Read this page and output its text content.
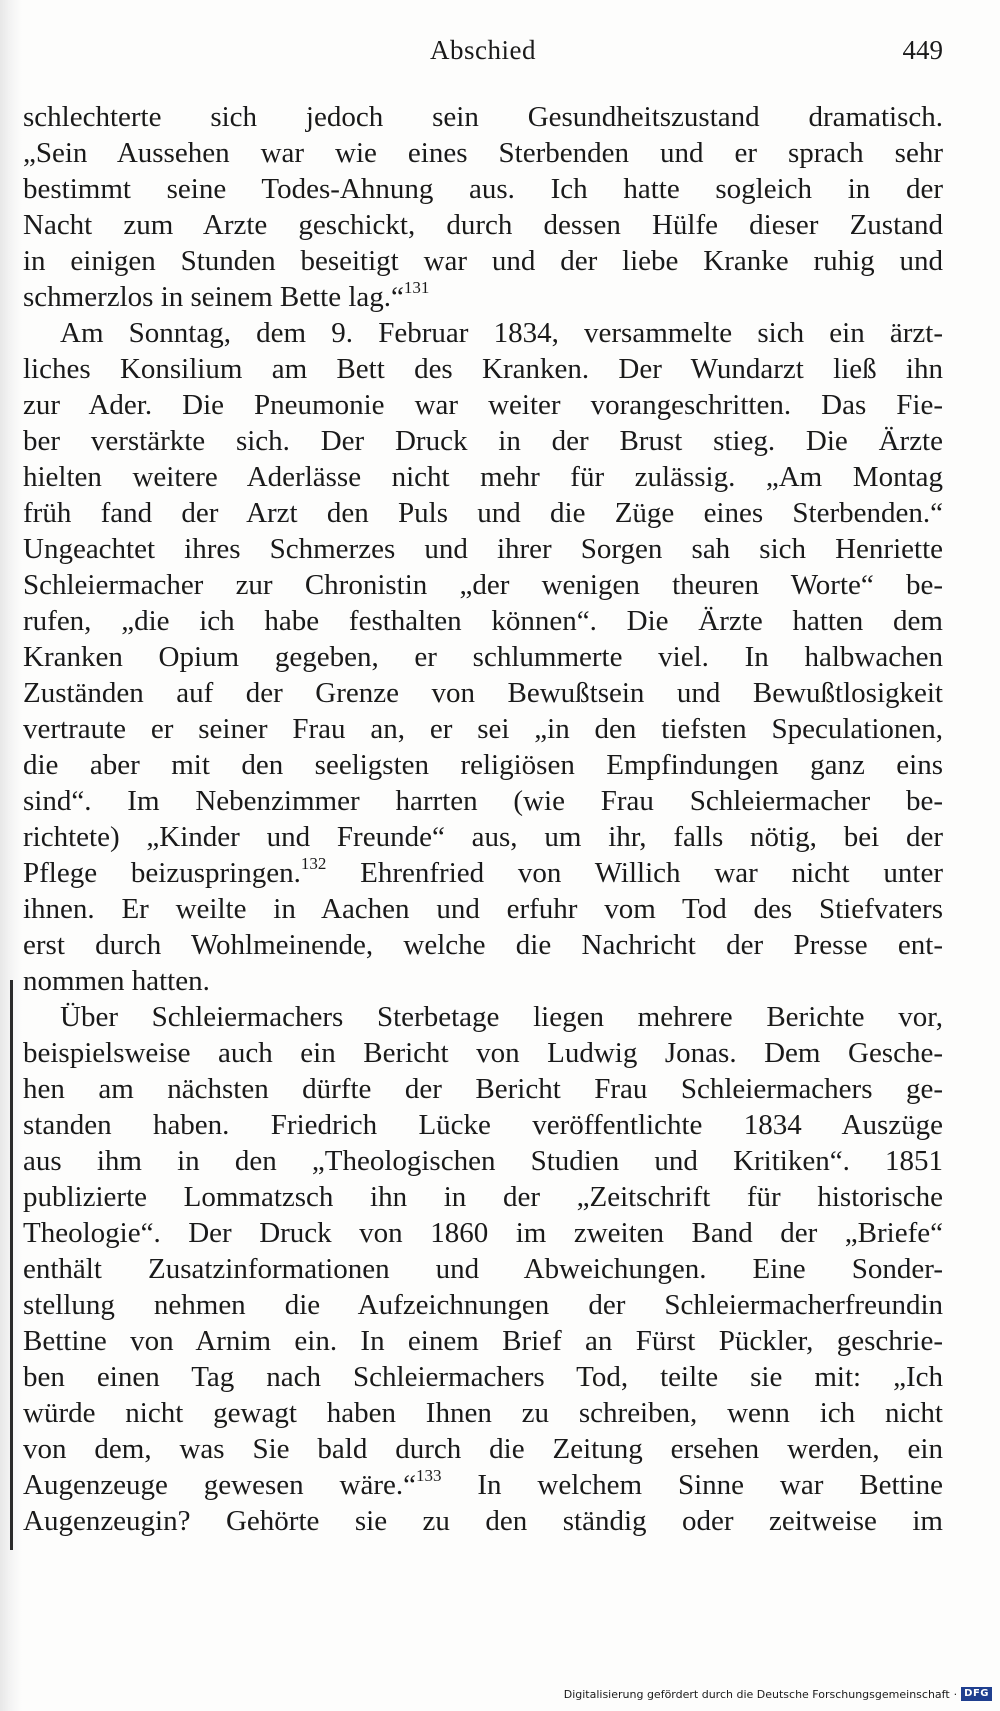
Abschied	449
schlechterte sich jedoch sein Gesundheitszustand dramatisch.
„Sein Aussehen war wie eines Sterbenden und er sprach sehr
bestimmt seine Todes-Ahnung aus. Ich hatte sogleich in der
Nacht zum Arzte geschickt, durch dessen Hülfe dieser Zustand
in einigen Stunden beseitigt war und der liebe Kranke ruhig und
schmerzlos in seinem Bette lag.“$^{131}$
Am Sonntag, dem 9. Februar 1834, versammelte sich ein ärzt-
liches Konsilium am Bett des Kranken. Der Wundarzt ließ ihn
zur Ader. Die Pneumonie war weiter vorangeschritten. Das Fie-
ber verstärkte sich. Der Druck in der Brust stieg. Die Ärzte
hielten weitere Aderlässe nicht mehr für zulässig. „Am Montag
früh fand der Arzt den Puls und die Züge eines Sterbenden.“
Ungeachtet ihres Schmerzes und ihrer Sorgen sah sich Henriette
Schleiermacher zur Chronistin „der wenigen theuren Worte“ be-
rufen, „die ich habe festhalten können“. Die Ärzte hatten dem
Kranken Opium gegeben, er schlummerte viel. In halbwachen
Zuständen auf der Grenze von Bewußtsein und Bewußtlosigkeit
vertraute er seiner Frau an, er sei „in den tiefsten Speculationen,
die aber mit den seeligsten religiösen Empfindungen ganz eins
sind“. Im Nebenzimmer harrten (wie Frau Schleiermacher be-
richtete) „Kinder und Freunde“ aus, um ihr, falls nötig, bei der
Pflege beizuspringen.$^{132}$ Ehrenfried von Willich war nicht unter
ihnen. Er weilte in Aachen und erfuhr vom Tod des Stiefvaters
erst durch Wohlmeinende, welche die Nachricht der Presse ent-
nommen hatten.
Über Schleiermachers Sterbetage liegen mehrere Berichte vor,
beispielsweise auch ein Bericht von Ludwig Jonas. Dem Gesche-
hen am nächsten dürfte der Bericht Frau Schleiermachers ge-
standen haben. Friedrich Lücke veröffentlichte 1834 Auszüge
aus ihm in den „Theologischen Studien und Kritiken“. 1851
publizierte Lommatzsch ihn in der „Zeitschrift für historische
Theologie“. Der Druck von 1860 im zweiten Band der „Briefe“
enthält Zusatzinformationen und Abweichungen. Eine Sonder-
stellung nehmen die Aufzeichnungen der Schleiermacherfreundin
Bettine von Arnim ein. In einem Brief an Fürst Pückler, geschrie-
ben einen Tag nach Schleiermachers Tod, teilte sie mit: „Ich
würde nicht gewagt haben Ihnen zu schreiben, wenn ich nicht
von dem, was Sie bald durch die Zeitung ersehen werden, ein
Augenzeuge gewesen wäre.“$^{133}$ In welchem Sinne war Bettine
Augenzeugin? Gehörte sie zu den ständig oder zeitweise im
Digitalisierung gefördert durch die Deutsche Forschungsgemeinschaft · DFG
